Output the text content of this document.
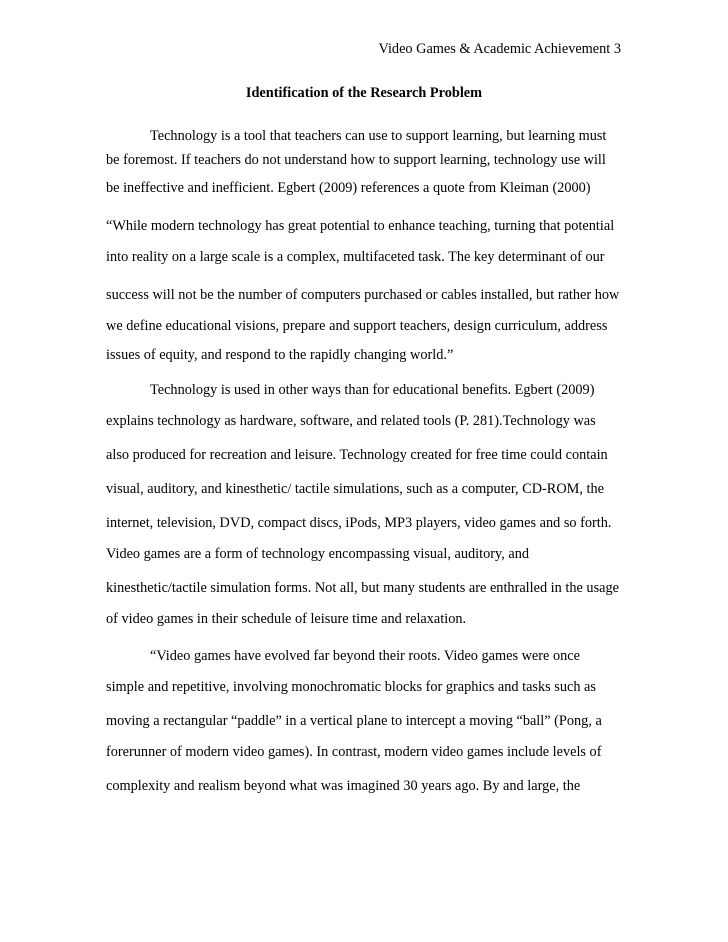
Video Games & Academic Achievement 3
Identification of the Research Problem
Technology is a tool that teachers can use to support learning, but learning must
be foremost. If teachers do not understand how to support learning, technology use will
be ineffective and inefficient. Egbert (2009) references a quote from Kleiman (2000)
“While modern technology has great potential to enhance teaching, turning that potential
into reality on a large scale is a complex, multifaceted task. The key determinant of our
success will not be the number of computers purchased or cables installed, but rather how
we define educational visions, prepare and support teachers, design curriculum, address
issues of equity, and respond to the rapidly changing world.”
Technology is used in other ways than for educational benefits. Egbert (2009)
explains technology as hardware, software, and related tools (P. 281).Technology was
also produced for recreation and leisure. Technology created for free time could contain
visual, auditory, and kinesthetic/ tactile simulations, such as a computer, CD-ROM, the
internet, television, DVD, compact discs, iPods, MP3 players, video games and so forth.
Video games are a form of technology encompassing visual, auditory, and
kinesthetic/tactile simulation forms. Not all, but many students are enthralled in the usage
of video games in their schedule of leisure time and relaxation.
“Video games have evolved far beyond their roots. Video games were once
simple and repetitive, involving monochromatic blocks for graphics and tasks such as
moving a rectangular “paddle” in a vertical plane to intercept a moving “ball” (Pong, a
forerunner of modern video games). In contrast, modern video games include levels of
complexity and realism beyond what was imagined 30 years ago. By and large, the
